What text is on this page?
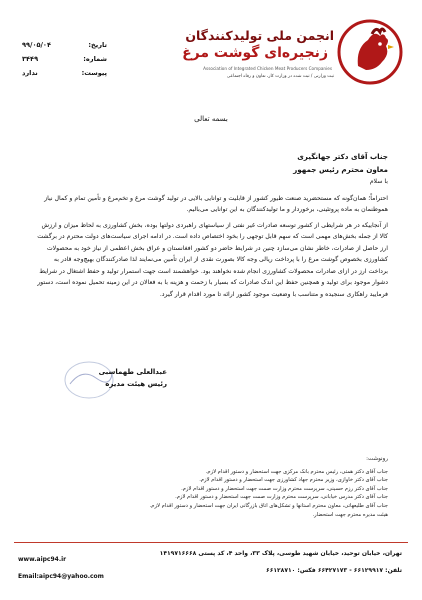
۹۹/۰۵/۰۴	تاریخ:
۳۴۴۹	شماره:
ندارد	پیوست:
انجمن ملی تولیدکنندگان
زنجیره‌ای گوشت مرغ
Association of Integrated Chicken Meat Producers Companies
ثبت وزارتی / ثبت شده در وزارت کار، تعاون و رفاه اجتماعی
بسمه تعالی
جناب آقای دکتر جهانگیری
معاون محترم رئیس جمهور
با سلام

احتراماً؛ همان‌گونه که مستحضرید صنعت طیور کشور از قابلیت و توانایی بالایی در تولید گوشت مرغ و تخم‌مرغ و تأمین تمام و کمال نیاز هموطنمان به ماده پروتئینی، برخوردار و ما تولیدکنندگان به این توانایی می‌بالیم.

از آنجاییکه در هر شرایطی از کشور توسعه صادرات غیر نفتی از سیاستهای راهبردی دولتها بوده، بخش کشاورزی به لحاظ میزان و ارزش کالا از جمله بخش‌های مهمی است که سهم قابل توجهی را بخود اختصاص داده است. در ادامه اجرای سیاست‌های دولت محترم در برگشت ارز حاصل از صادرات، خاطر نشان می‌سازد چنین در شرایط حاضر دو کشور افغانستان و عراق بخش اعظمی از نیاز خود به محصولات کشاورزی بخصوص گوشت مرغ را با پرداخت ریالی وجه کالا بصورت نقدی از ایران تأمین می‌نمایند لذا صادرکنندگان بهیچ‌وجه قادر به برداخت ارز در ازای صادرات محصولات کشاورزی انجام شده نخواهند بود. خواهشمند است جهت استمرار تولید و حفظ اشتغال در شرایط دشوار موجود برای تولید و همچنین حفظ این اندک صادرات که بسیار با زحمت و هزینه با به فعالان در این زمینه تحمیل نموده است، دستور فرمایید راهکاری سنجیده و متناسب با وضعیت موجود کشور ارائه تا مورد اقدام قرار گیرد.

عبدالعلی طهماسبی
رئیس هیئت مدیره
رونوشت:
جناب آقای دکتر همتی، رئیس محترم بانک مرکزی جهت استحضار و دستور اقدام لازم.
جناب آقای دکتر خاوازی، وزیر محترم جهاد کشاورزی جهت استحضار و دستور اقدام لازم.
جناب آقای دکتر رزم حسینی، سرپرست محترم وزارت صمت جهت استحضار و دستور اقدام لازم.
جناب آقای دکتر مدرس خیابانی، سرپرست محترم وزارت صمت جهت استحضار و دستور اقدام لازم.
جناب آقای طلیعهاتی، معاون محترم استانها و تشکل‌های اتاق بازرگانی ایران جهت استحضار و دستور اقدام لازم.
هیئت مدیره محترم جهت استحضار.
تهران، خیابان توحید، خیابان شهید طوسی، پلاک ۳۳، واحد ۴، کد پستی ۱۴۱۹۷۱۶۶۶۸
تلفن: ۶۶۱۲۹۹۱۷ - ۶۶۴۲۷۱۷۳ فکس: ۶۶۱۲۸۷۱۰
www.aipc94.ir
Email:aipc94@yahoo.com
